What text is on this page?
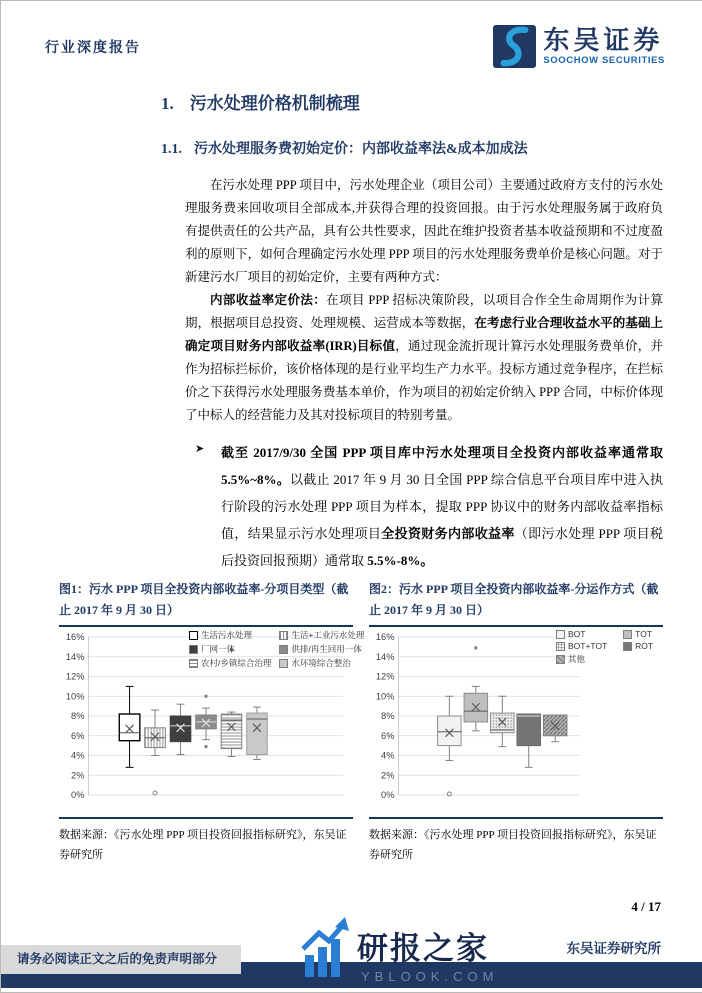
行业深度报告	东吴证券
SOOCHOW SECURITIES
1. 污水处理价格机制梳理
1.1. 污水处理服务费初始定价：内部收益率法&成本加成法

在污水处理 PPP 项目中，污水处理企业（项目公司）主要通过政府方支付的污水处理服务费来回收项目全部成本,并获得合理的投资回报。由于污水处理服务属于政府负有提供责任的公共产品，具有公共性要求，因此在维护投资者基本收益预期和不过度盈利的原则下，如何合理确定污水处理 PPP 项目的污水处理服务费单价是核心问题。对于新建污水厂项目的初始定价，主要有两种方式：

内部收益率定价法：在项目 PPP 招标决策阶段，以项目合作全生命周期作为计算期，根据项目总投资、处理规模、运营成本等数据，在考虑行业合理收益水平的基础上确定项目财务内部收益率(IRR)目标值，通过现金流折现计算污水处理服务费单价，并作为招标拦标价，该价格体现的是行业平均生产力水平。投标方通过竞争程序，在拦标价之下获得污水处理服务费基本单价，作为项目的初始定价纳入 PPP 合同，中标价体现了中标人的经营能力及其对投标项目的特别考量。

➤	截至 2017/9/30 全国 PPP 项目库中污水处理项目全投资内部收益率通常取 5.5%~8%。以截止 2017 年 9 月 30 日全国 PPP 综合信息平台项目库中进入执行阶段的污水处理 PPP 项目为样本，提取 PPP 协议中的财务内部收益率指标值，结果显示污水处理项目全投资财务内部收益率（即污水处理 PPP 项目税后投资回报预期）通常取 5.5%-8%。

图1：污水 PPP 项目全投资内部收益率-分项目类型（截止 2017 年 9 月 30 日）
0%
2%
4%
6%
8%
10%
12%
14%
16%	生活污水处理	生活+工业污水处理
厂网一体	供排/再生回用一体
农村/乡镇综合治理 水环境综合整治
数据来源：《污水处理 PPP 项目投资回报指标研究》，东吴证券研究所
图2：污水 PPP 项目全投资内部收益率-分运作方式（截止 2017 年 9 月 30 日）
0%
2%
4%
6%
8%
10%
12%
14%
16%	BOT	TOT
BOT+TOT	ROT
其他
数据来源：《污水处理 PPP 项目投资回报指标研究》，东吴证券研究所
4 / 17
东吴证券研究所
请务必阅读正文之后的免责声明部分	研报之家
YBLOOK.COM
